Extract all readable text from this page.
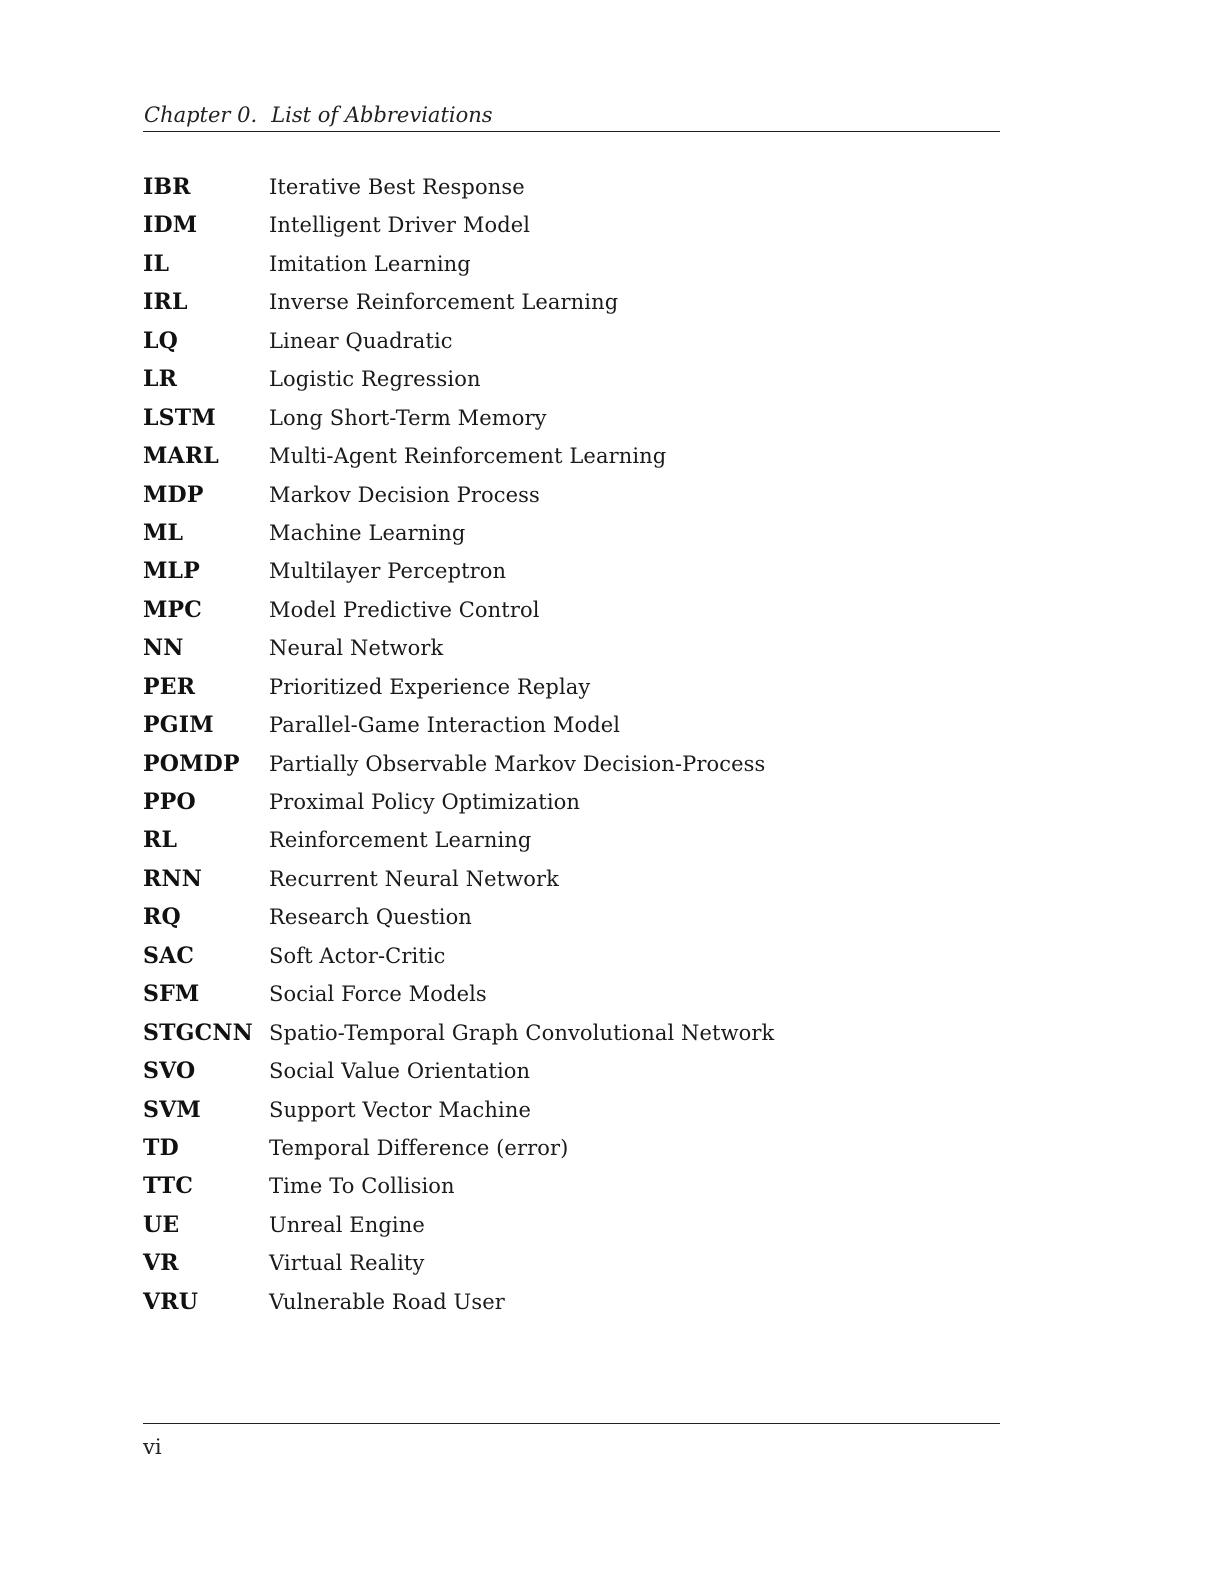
Chapter 0. List of Abbreviations
IBR	Iterative Best Response
IDM	Intelligent Driver Model
IL	Imitation Learning
IRL	Inverse Reinforcement Learning
LQ	Linear Quadratic
LR	Logistic Regression
LSTM	Long Short-Term Memory
MARL Multi-Agent Reinforcement Learning
MDP	Markov Decision Process
ML	Machine Learning
MLP	Multilayer Perceptron
MPC	Model Predictive Control
NN	Neural Network
PER	Prioritized Experience Replay
PGIM	Parallel-Game Interaction Model
POMDP Partially Observable Markov Decision-Process
PPO	Proximal Policy Optimization
RL	Reinforcement Learning
RNN	Recurrent Neural Network
RQ	Research Question
SAC	Soft Actor-Critic
SFM	Social Force Models
STGCNN Spatio-Temporal Graph Convolutional Network
SVO	Social Value Orientation
SVM	Support Vector Machine
TD	Temporal Difference (error)
TTC	Time To Collision
UE	Unreal Engine
VR	Virtual Reality
VRU	Vulnerable Road User
vi
